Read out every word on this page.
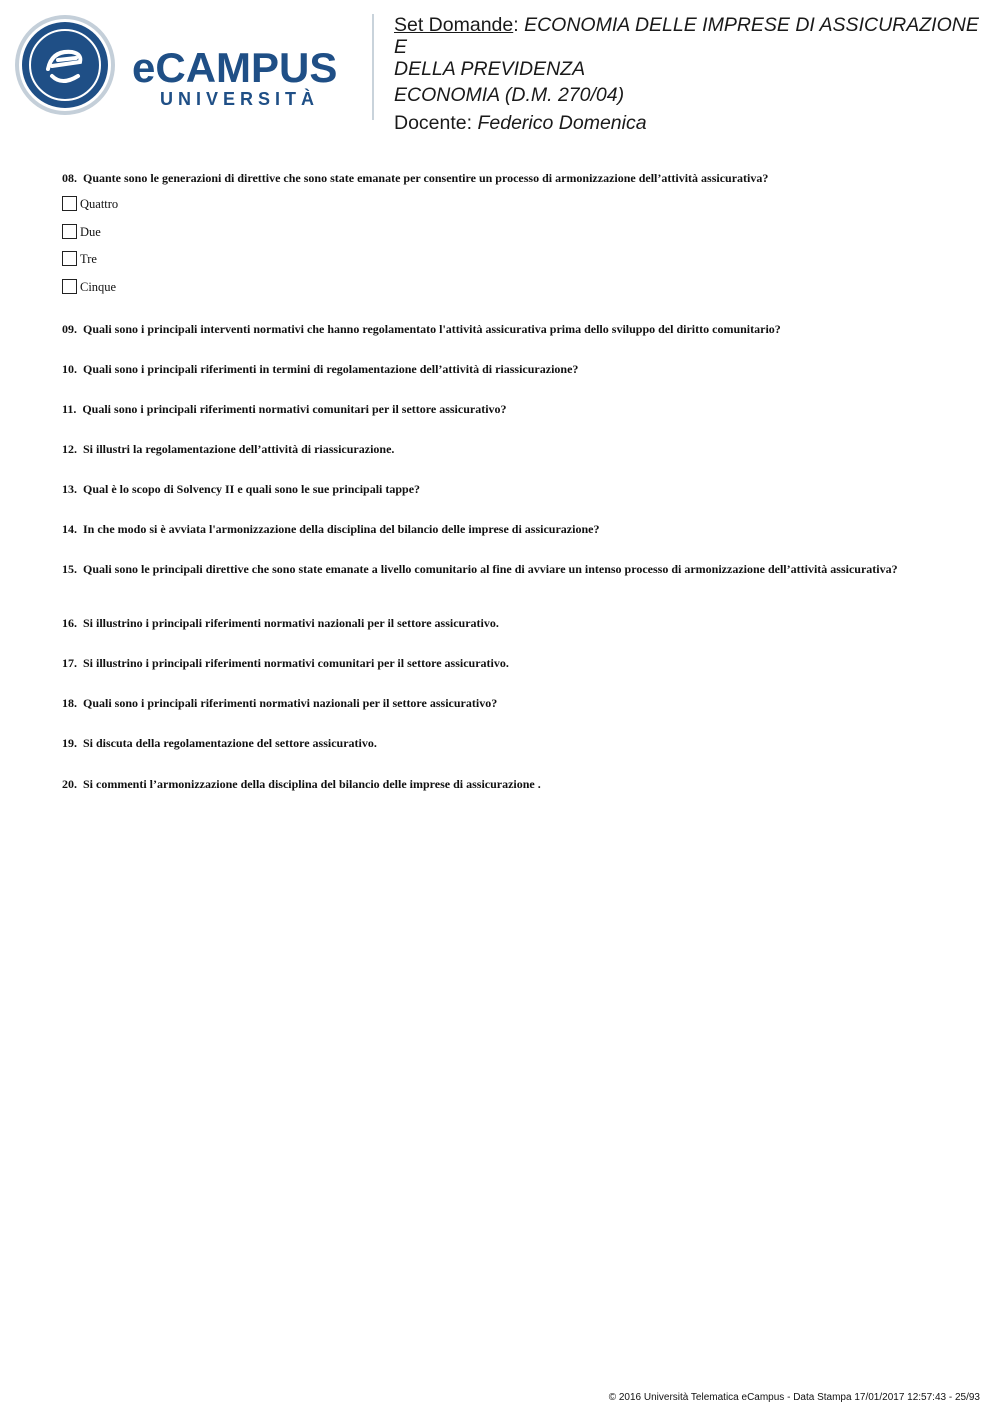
eCAMPUS
UNIVERSITÀ
Set Domande: ECONOMIA DELLE IMPRESE DI ASSICURAZIONE E
DELLA PREVIDENZA
ECONOMIA (D.M. 270/04)
Docente: Federico Domenica
08. Quante sono le generazioni di direttive che sono state emanate per consentire un processo di armonizzazione dell’attività assicurativa?
Quattro
Due
Tre
Cinque
09. Quali sono i principali interventi normativi che hanno regolamentato l'attività assicurativa prima dello sviluppo del diritto comunitario?
10. Quali sono i principali riferimenti in termini di regolamentazione dell’attività di riassicurazione?
11. Quali sono i principali riferimenti normativi comunitari per il settore assicurativo?
12. Si illustri la regolamentazione dell’attività di riassicurazione.
13. Qual è lo scopo di Solvency II e quali sono le sue principali tappe?
14. In che modo si è avviata l'armonizzazione della disciplina del bilancio delle imprese di assicurazione?
15. Quali sono le principali direttive che sono state emanate a livello comunitario al fine di avviare un intenso processo di armonizzazione dell’attività assicurativa?
16. Si illustrino i principali riferimenti normativi nazionali per il settore assicurativo.
17. Si illustrino i principali riferimenti normativi comunitari per il settore assicurativo.
18. Quali sono i principali riferimenti normativi nazionali per il settore assicurativo?
19. Si discuta della regolamentazione del settore assicurativo.
20. Si commenti l’armonizzazione della disciplina del bilancio delle imprese di assicurazione .
© 2016 Università Telematica eCampus - Data Stampa 17/01/2017 12:57:43 - 25/93
